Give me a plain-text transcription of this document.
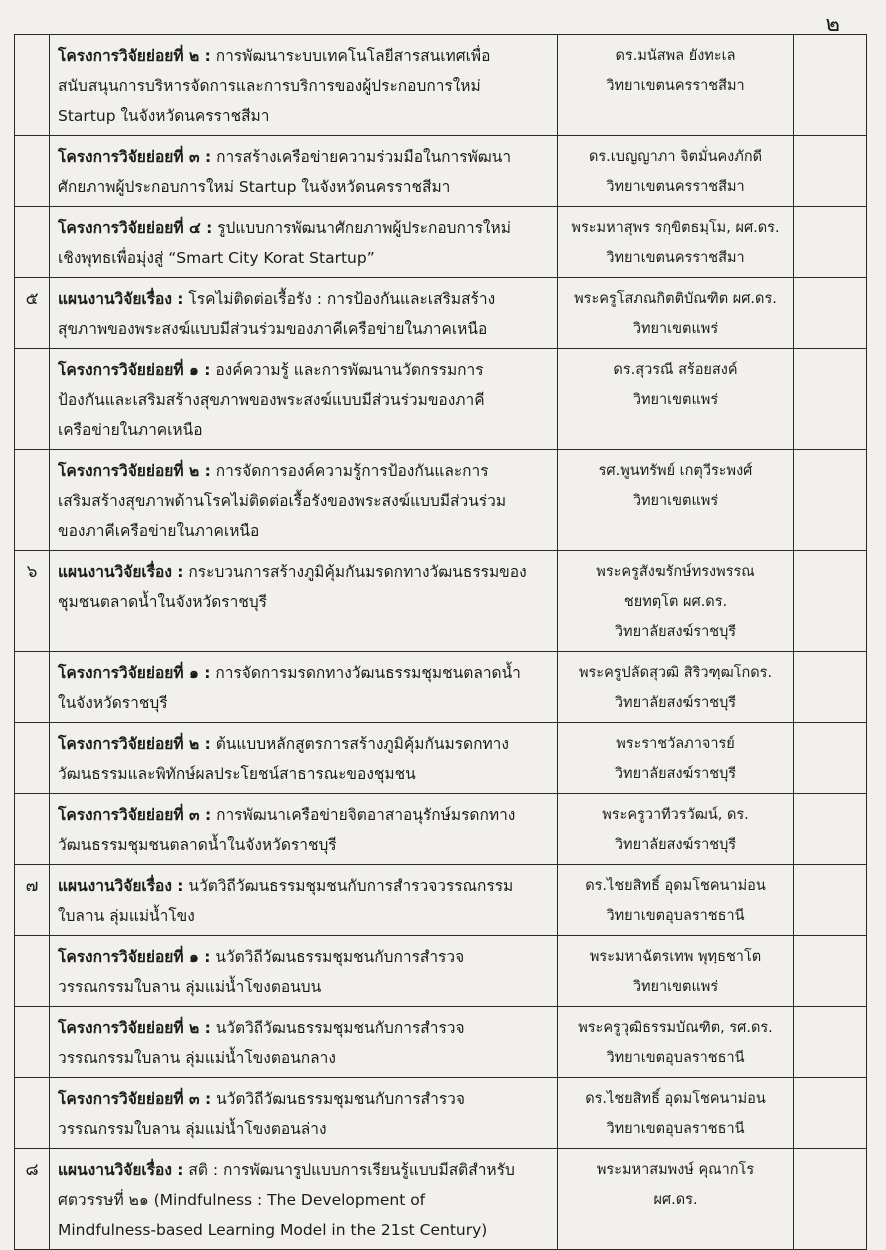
๒

	โครงการวิจัยย่อยที่ ๒ : การพัฒนาระบบเทคโนโลยีสารสนเทศเพื่อ
สนับสนุนการบริหารจัดการและการบริการของผู้ประกอบการใหม่
Startup ในจังหวัดนครราชสีมา	ดร.มนัสพล ยังทะเล
วิทยาเขตนครราชสีมา	

	โครงการวิจัยย่อยที่ ๓ : การสร้างเครือข่ายความร่วมมือในการพัฒนา
ศักยภาพผู้ประกอบการใหม่ Startup ในจังหวัดนครราชสีมา	ดร.เบญญาภา จิตมั่นคงภักดี
วิทยาเขตนครราชสีมา	

	โครงการวิจัยย่อยที่ ๔ : รูปแบบการพัฒนาศักยภาพผู้ประกอบการใหม่
เชิงพุทธเพื่อมุ่งสู่ “Smart City Korat Startup”	พระมหาสุพร รกฺขิตธมฺโม, ผศ.ดร.
วิทยาเขตนครราชสีมา	

๕	แผนงานวิจัยเรื่อง : โรคไม่ติดต่อเรื้อรัง : การป้องกันและเสริมสร้าง
สุขภาพของพระสงฆ์แบบมีส่วนร่วมของภาคีเครือข่ายในภาคเหนือ	พระครูโสภณกิตติบัณฑิต ผศ.ดร.
วิทยาเขตแพร่	

	โครงการวิจัยย่อยที่ ๑ : องค์ความรู้ และการพัฒนานวัตกรรมการ
ป้องกันและเสริมสร้างสุขภาพของพระสงฆ์แบบมีส่วนร่วมของภาคี
เครือข่ายในภาคเหนือ	ดร.สุวรณี สร้อยสงค์
วิทยาเขตแพร่	

	โครงการวิจัยย่อยที่ ๒ : การจัดการองค์ความรู้การป้องกันและการ
เสริมสร้างสุขภาพด้านโรคไม่ติดต่อเรื้อรังของพระสงฆ์แบบมีส่วนร่วม
ของภาคีเครือข่ายในภาคเหนือ	รศ.พูนทรัพย์ เกตุวีระพงศ์
วิทยาเขตแพร่	

๖	แผนงานวิจัยเรื่อง : กระบวนการสร้างภูมิคุ้มกันมรดกทางวัฒนธรรมของ
ชุมชนตลาดน้ำในจังหวัดราชบุรี	พระครูสังฆรักษ์ทรงพรรณ
ชยทตฺโต ผศ.ดร.
วิทยาลัยสงฆ์ราชบุรี	

	โครงการวิจัยย่อยที่ ๑ : การจัดการมรดกทางวัฒนธรรมชุมชนตลาดน้ำ
ในจังหวัดราชบุรี	พระครูปลัดสุวฒิ สิริวฑฺฒโกดร.
วิทยาลัยสงฆ์ราชบุรี	

	โครงการวิจัยย่อยที่ ๒ : ต้นแบบหลักสูตรการสร้างภูมิคุ้มกันมรดกทาง
วัฒนธรรมและพิทักษ์ผลประโยชน์สาธารณะของชุมชน	พระราชวัลภาจารย์
วิทยาลัยสงฆ์ราชบุรี	

	โครงการวิจัยย่อยที่ ๓ : การพัฒนาเครือข่ายจิตอาสาอนุรักษ์มรดกทาง
วัฒนธรรมชุมชนตลาดน้ำในจังหวัดราชบุรี	พระครูวาทีวรวัฒน์, ดร.
วิทยาลัยสงฆ์ราชบุรี	

๗	แผนงานวิจัยเรื่อง : นวัตวิถีวัฒนธรรมชุมชนกับการสำรวจวรรณกรรม
ใบลาน ลุ่มแม่น้ำโขง	ดร.ไชยสิทธิ์ อุดมโชคนาม่อน
วิทยาเขตอุบลราชธานี	

	โครงการวิจัยย่อยที่ ๑ : นวัตวิถีวัฒนธรรมชุมชนกับการสำรวจ
วรรณกรรมใบลาน ลุ่มแม่น้ำโขงตอนบน	พระมหาฉัตรเทพ พุทฺธชาโต
วิทยาเขตแพร่	

	โครงการวิจัยย่อยที่ ๒ : นวัตวิถีวัฒนธรรมชุมชนกับการสำรวจ
วรรณกรรมใบลาน ลุ่มแม่น้ำโขงตอนกลาง	พระครูวุฒิธรรมบัณฑิต, รศ.ดร.
วิทยาเขตอุบลราชธานี	

	โครงการวิจัยย่อยที่ ๓ : นวัตวิถีวัฒนธรรมชุมชนกับการสำรวจ
วรรณกรรมใบลาน ลุ่มแม่น้ำโขงตอนล่าง	ดร.ไชยสิทธิ์ อุดมโชคนาม่อน
วิทยาเขตอุบลราชธานี	

๘	แผนงานวิจัยเรื่อง : สติ : การพัฒนารูปแบบการเรียนรู้แบบมีสติสำหรับ
ศตวรรษที่ ๒๑ (Mindfulness : The Development of
Mindfulness-based Learning Model in the 21st Century)	พระมหาสมพงษ์ คุณากโร
ผศ.ดร.	
